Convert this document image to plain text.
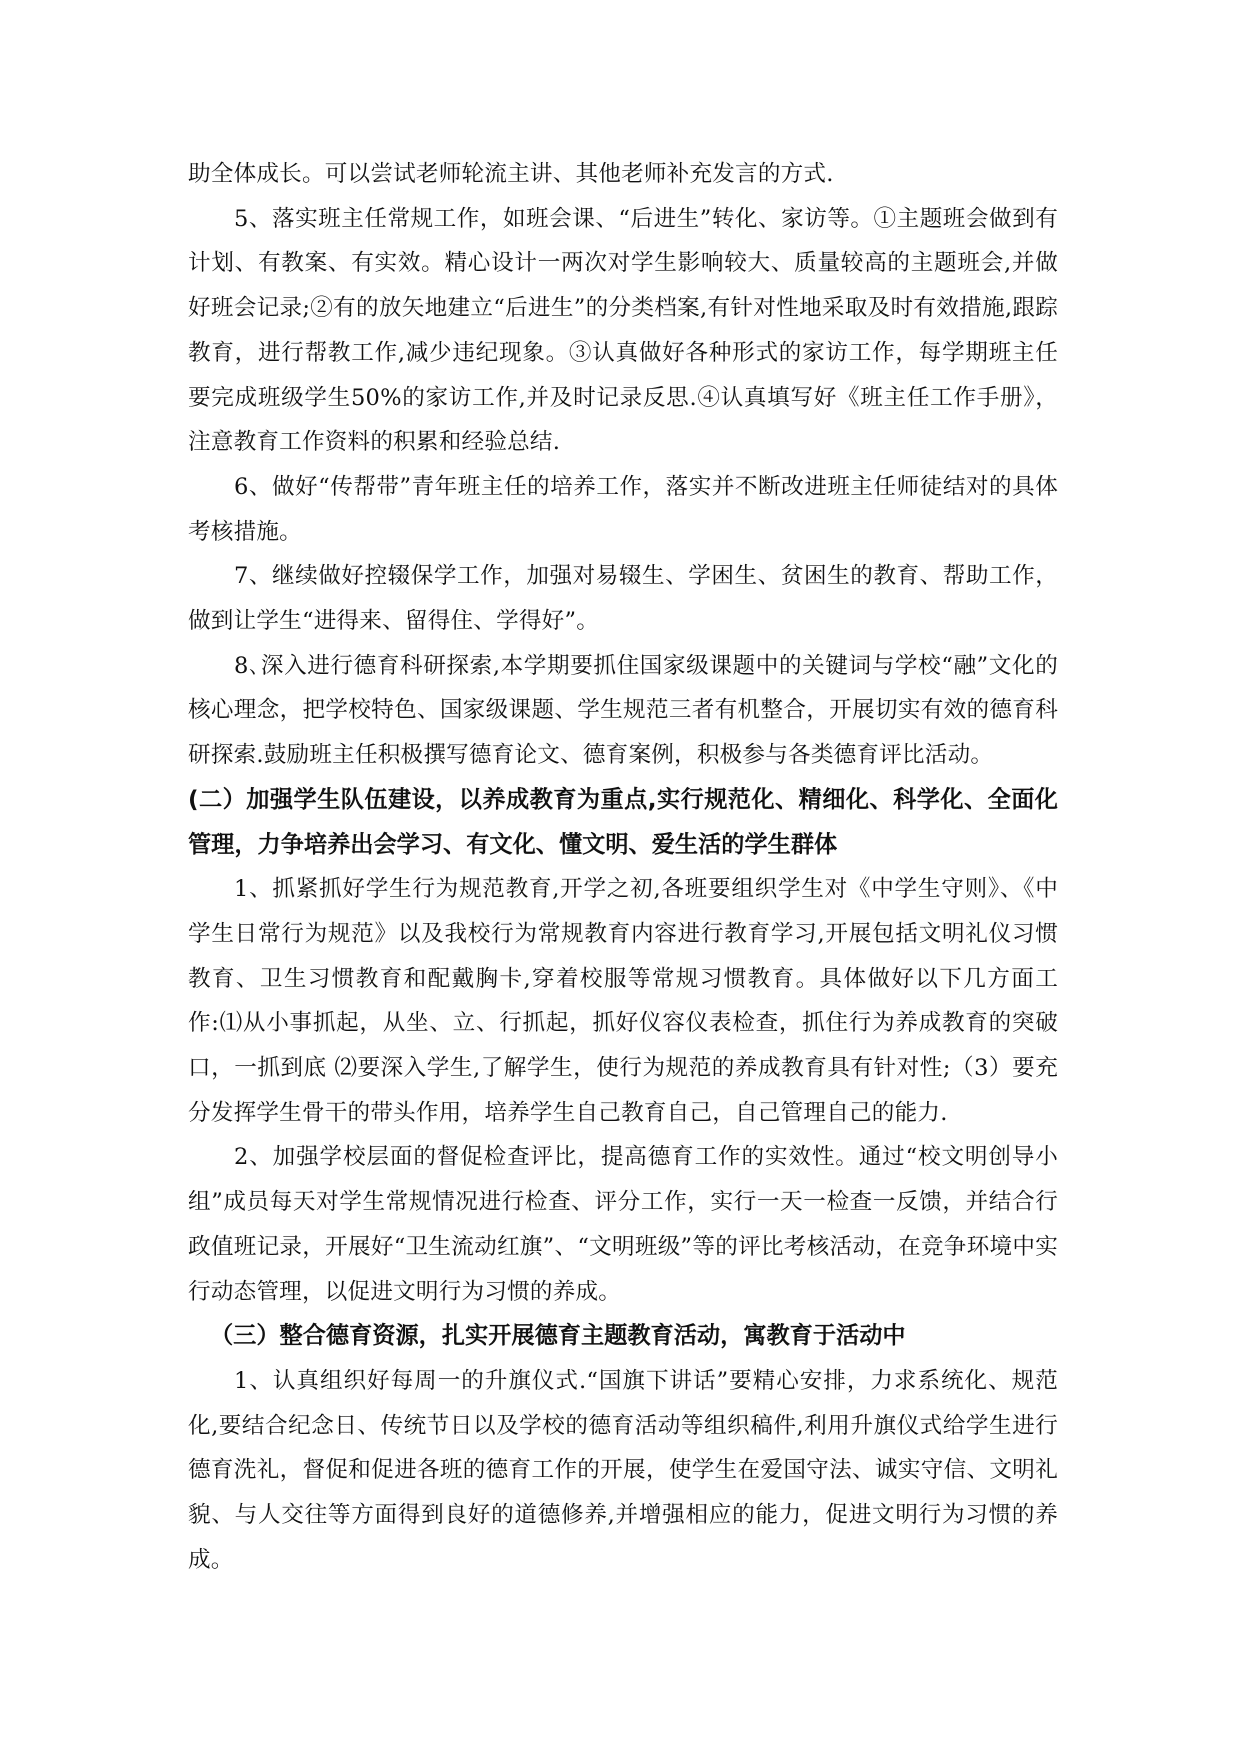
助全体成长。可以尝试老师轮流主讲、其他老师补充发言的方式.

5、落实班主任常规工作，如班会课、“后进生”转化、家访等。①主题班会做到有计划、有教案、有实效。精心设计一两次对学生影响较大、质量较高的主题班会,并做好班会记录;②有的放矢地建立“后进生”的分类档案,有针对性地采取及时有效措施,跟踪教育，进行帮教工作,减少违纪现象。③认真做好各种形式的家访工作，每学期班主任要完成班级学生50%的家访工作,并及时记录反思.④认真填写好《班主任工作手册》，注意教育工作资料的积累和经验总结.

6、做好“传帮带”青年班主任的培养工作，落实并不断改进班主任师徒结对的具体考核措施。

7、继续做好控辍保学工作，加强对易辍生、学困生、贫困生的教育、帮助工作，做到让学生“进得来、留得住、学得好”。

8､深入进行德育科研探索,本学期要抓住国家级课题中的关键词与学校“融”文化的核心理念，把学校特色、国家级课题、学生规范三者有机整合，开展切实有效的德育科研探索.鼓励班主任积极撰写德育论文、德育案例，积极参与各类德育评比活动。

(二）加强学生队伍建设，以养成教育为重点,实行规范化、精细化、科学化、全面化管理，力争培养出会学习、有文化、懂文明、爱生活的学生群体

1、抓紧抓好学生行为规范教育,开学之初,各班要组织学生对《中学生守则》、《中学生日常行为规范》以及我校行为常规教育内容进行教育学习,开展包括文明礼仪习惯教育、卫生习惯教育和配戴胸卡,穿着校服等常规习惯教育。具体做好以下几方面工作:⑴从小事抓起，从坐、立、行抓起，抓好仪容仪表检查，抓住行为养成教育的突破口，一抓到底 ⑵要深入学生,了解学生，使行为规范的养成教育具有针对性;（3）要充分发挥学生骨干的带头作用，培养学生自己教育自己，自己管理自己的能力.

2、加强学校层面的督促检查评比，提高德育工作的实效性。通过“校文明创导小组”成员每天对学生常规情况进行检查、评分工作，实行一天一检查一反馈，并结合行政值班记录，开展好“卫生流动红旗”、“文明班级”等的评比考核活动，在竞争环境中实行动态管理，以促进文明行为习惯的养成。

（三）整合德育资源，扎实开展德育主题教育活动，寓教育于活动中

1、认真组织好每周一的升旗仪式.“国旗下讲话”要精心安排，力求系统化、规范化,要结合纪念日、传统节日以及学校的德育活动等组织稿件,利用升旗仪式给学生进行德育洗礼，督促和促进各班的德育工作的开展，使学生在爱国守法、诚实守信、文明礼貌、与人交往等方面得到良好的道德修养,并增强相应的能力，促进文明行为习惯的养成。
